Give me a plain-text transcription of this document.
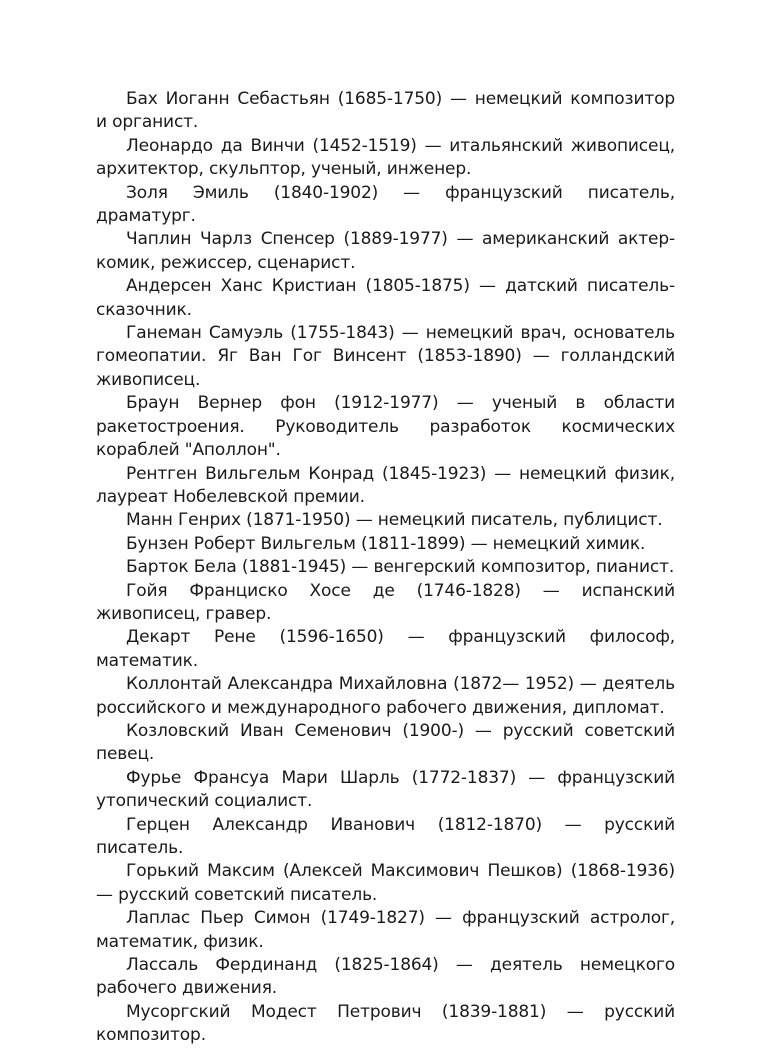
Бах Иоганн Себастьян (1685-1750) — немецкий композитор и органист.

Леонардо да Винчи (1452-1519) — итальянский живописец, архитектор, скульптор, ученый, инженер.

Золя Эмиль (1840-1902) — французский писатель, драматург.

Чаплин Чарлз Спенсер (1889-1977) — американский актер-комик, режиссер, сценарист.

Андерсен Ханс Кристиан (1805-1875) — датский писатель-сказочник.

Ганеман Самуэль (1755-1843) — немецкий врач, основатель гомеопатии. Яг Ван Гог Винсент (1853-1890) — голландский живописец.

Браун Вернер фон (1912-1977) — ученый в области ракетостроения. Руководитель разработок космических кораблей "Аполлон".

Рентген Вильгельм Конрад (1845-1923) — немецкий физик, лауреат Нобелевской премии.

Манн Генрих (1871-1950) — немецкий писатель, публицист.

Бунзен Роберт Вильгельм (1811-1899) — немецкий химик.

Барток Бела (1881-1945) — венгерский композитор, пианист.

Гойя Франциско Хосе де (1746-1828) — испанский живописец, гравер.

Декарт Рене (1596-1650) — французский философ, математик.

Коллонтай Александра Михайловна (1872— 1952) — деятель российского и международного рабочего движения, дипломат.

Козловский Иван Семенович (1900-) — русский советский певец.

Фурье Франсуа Мари Шарль (1772-1837) — французский утопический социалист.

Герцен Александр Иванович (1812-1870) — русский писатель.

Горький Максим (Алексей Максимович Пешков) (1868-1936) — русский советский писатель.

Лаплас Пьер Симон (1749-1827) — французский астролог, математик, физик.

Лассаль Фердинанд (1825-1864) — деятель немецкого рабочего движения.

Мусоргский Модест Петрович (1839-1881) — русский композитор.
